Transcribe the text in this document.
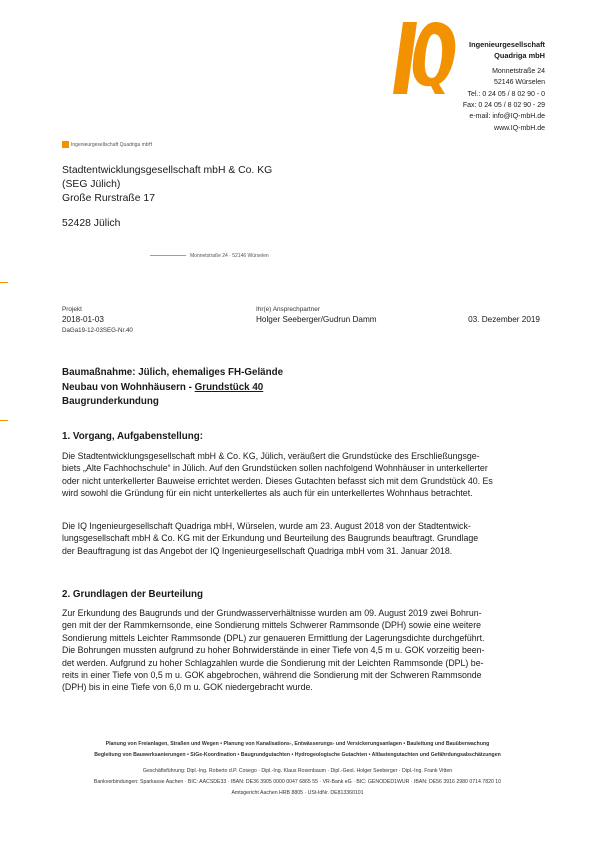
Ingenieurgesellschaft
Quadriga mbH
Monnetstraße 24
52146 Würselen
Tel.: 0 24 05 / 8 02 90 - 0
Fax: 0 24 05 / 8 02 90 - 29
e-mail: info@IQ-mbH.de
www.IQ-mbH.de
Ingenieurgesellschaft Quadriga mbH
Stadtentwicklungsgesellschaft mbH & Co. KG
(SEG Jülich)
Große Rurstraße 17
52428 Jülich
Monnetstraße 24 · 52146 Würselen
Projekt
2018-01-03
DaGa19-12-03SEG-Nr.40
Ihr(e) Ansprechpartner
Holger Seeberger/Gudrun Damm	03. Dezember 2019
Baumaßnahme: Jülich, ehemaliges FH-Gelände
Neubau von Wohnhäusern - Grundstück 40
Baugrunderkundung
1. Vorgang, Aufgabenstellung:
Die Stadtentwicklungsgesellschaft mbH & Co. KG, Jülich, veräußert die Grundstücke des Erschließungsge-
biets „Alte Fachhochschule“ in Jülich. Auf den Grundstücken sollen nachfolgend Wohnhäuser in unterkellerter
oder nicht unterkellerter Bauweise errichtet werden. Dieses Gutachten befasst sich mit dem Grundstück 40. Es
wird sowohl die Gründung für ein nicht unterkellertes als auch für ein unterkellertes Wohnhaus betrachtet.
Die IQ Ingenieurgesellschaft Quadriga mbH, Würselen, wurde am 23. August 2018 von der Stadtentwick-
lungsgesellschaft mbH & Co. KG mit der Erkundung und Beurteilung des Baugrunds beauftragt. Grundlage
der Beauftragung ist das Angebot der IQ Ingenieurgesellschaft Quadriga mbH vom 31. Januar 2018.
2. Grundlagen der Beurteilung
Zur Erkundung des Baugrunds und der Grundwasserverhältnisse wurden am 09. August 2019 zwei Bohrun-
gen mit der der Rammkernsonde, eine Sondierung mittels Schwerer Rammsonde (DPH) sowie eine weitere
Sondierung mittels Leichter Rammsonde (DPL) zur genaueren Ermittlung der Lagerungsdichte durchgeführt.
Die Bohrungen mussten aufgrund zu hoher Bohrwiderstände in einer Tiefe von 4,5 m u. GOK vorzeitig been-
det werden. Aufgrund zu hoher Schlagzahlen wurde die Sondierung mit der Leichten Rammsonde (DPL) be-
reits in einer Tiefe von 0,5 m u. GOK abgebrochen, während die Sondierung mit der Schweren Rammsonde
(DPH) bis in eine Tiefe von 6,0 m u. GOK niedergebracht wurde.
Planung von Freianlagen, Straßen und Wegen • Planung von Kanalisations-, Entwässerungs- und Versickerungsanlagen • Bauleitung und Bauüberwachung
Begleitung von Bauwerksanierungen • SiGe-Koordination • Baugrundgutachten • Hydrogeologische Gutachten • Altlastengutachten und Gefährdungsabschätzungen
Geschäftsführung: Dipl.-Ing. Roberto d.P. Cosego · Dipl.-Ing. Klaus Rosenbaum · Dipl.-Geol. Holger Seeberger · Dipl.-Ing. Frank Vitten
Bankverbindungen: Sparkasse Aachen · BIC: AACSDE33 · IBAN: DE36 3905 0000 0047 6865 55 · VR-Bank eG · BIC: GENODED1WUR · IBAN: DE56 3916 2980 0714 7820 10
Amtsgericht Aachen HRB 8805 · USt-IdNr. DE813360101
